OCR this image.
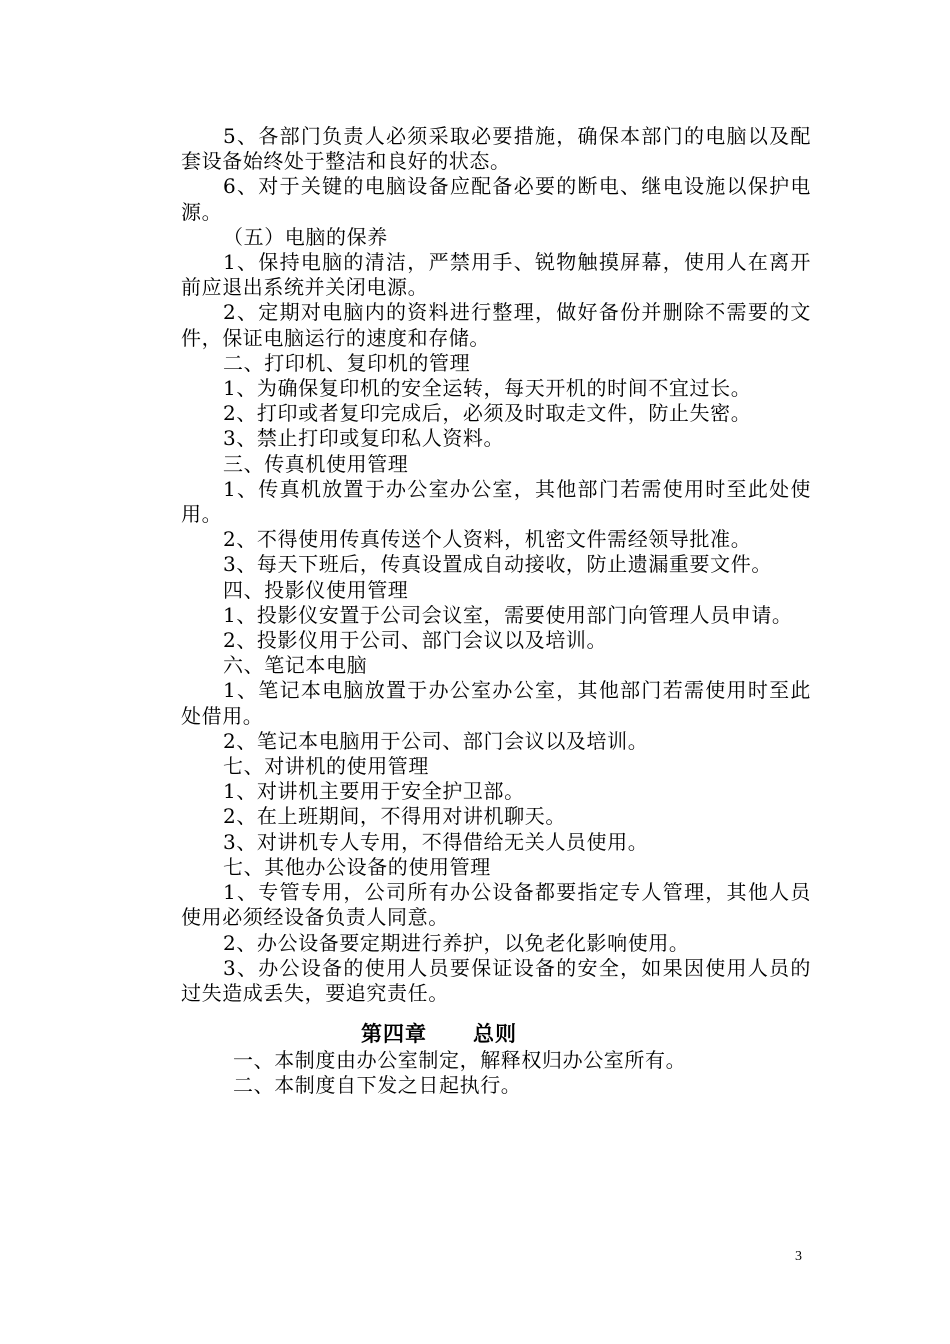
5、各部门负责人必须采取必要措施，确保本部门的电脑以及配套设备始终处于整洁和良好的状态。

6、对于关键的电脑设备应配备必要的断电、继电设施以保护电源。

（五）电脑的保养

1、保持电脑的清洁，严禁用手、锐物触摸屏幕，使用人在离开前应退出系统并关闭电源。

2、定期对电脑内的资料进行整理，做好备份并删除不需要的文件，保证电脑运行的速度和存储。

二、打印机、复印机的管理

1、为确保复印机的安全运转，每天开机的时间不宜过长。

2、打印或者复印完成后，必须及时取走文件，防止失密。

3、禁止打印或复印私人资料。

三、传真机使用管理

1、传真机放置于办公室办公室，其他部门若需使用时至此处使用。

2、不得使用传真传送个人资料，机密文件需经领导批准。

3、每天下班后，传真设置成自动接收，防止遗漏重要文件。

四、投影仪使用管理

1、投影仪安置于公司会议室，需要使用部门向管理人员申请。

2、投影仪用于公司、部门会议以及培训。

六、笔记本电脑

1、笔记本电脑放置于办公室办公室，其他部门若需使用时至此处借用。

2、笔记本电脑用于公司、部门会议以及培训。

七、对讲机的使用管理

1、对讲机主要用于安全护卫部。

2、在上班期间，不得用对讲机聊天。

3、对讲机专人专用，不得借给无关人员使用。

七、其他办公设备的使用管理

1、专管专用，公司所有办公设备都要指定专人管理，其他人员使用必须经设备负责人同意。

2、办公设备要定期进行养护，以免老化影响使用。

3、办公设备的使用人员要保证设备的安全，如果因使用人员的过失造成丢失，要追究责任。

第四章 总则

一、本制度由办公室制定，解释权归办公室所有。

二、本制度自下发之日起执行。

3
